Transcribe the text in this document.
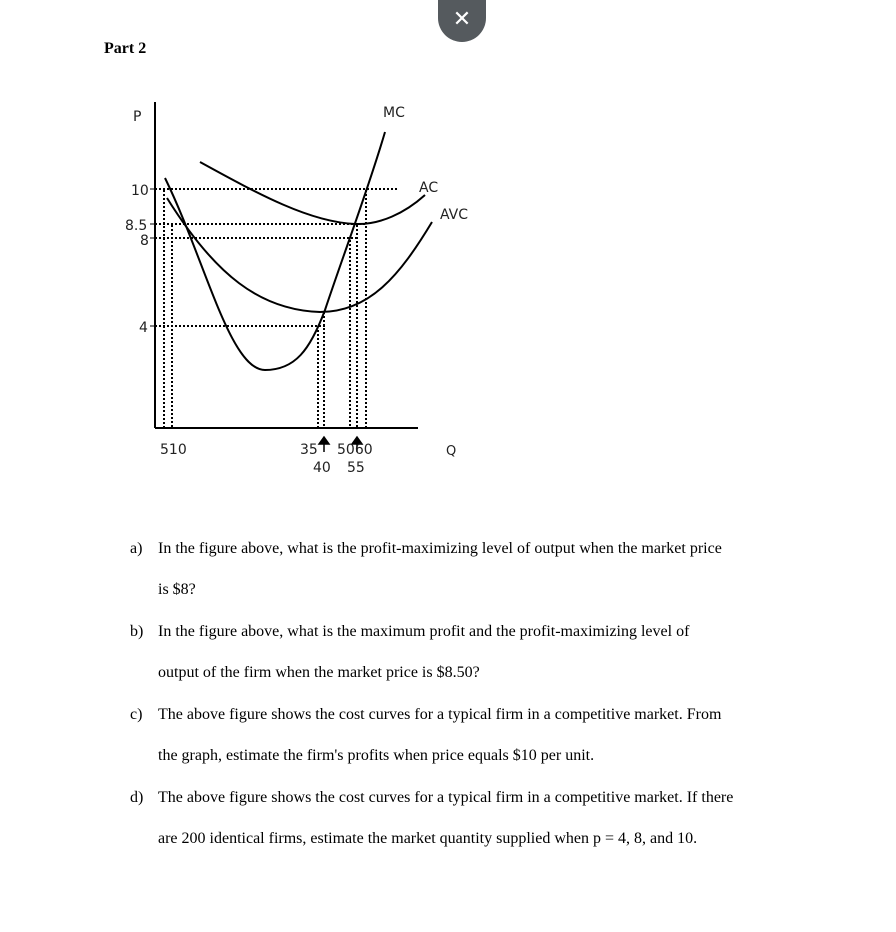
✕
Part 2
P
Q
MC
AC
AVC
10
8.5
8
4
510	35 5060
40 55
a) In the figure above, what is the profit-maximizing level of output when the market price
is $8?
b) In the figure above, what is the maximum profit and the profit-maximizing level of
output of the firm when the market price is $8.50?
c) The above figure shows the cost curves for a typical firm in a competitive market. From
the graph, estimate the firm's profits when price equals $10 per unit.
d) The above figure shows the cost curves for a typical firm in a competitive market. If there
are 200 identical firms, estimate the market quantity supplied when p = 4, 8, and 10.
